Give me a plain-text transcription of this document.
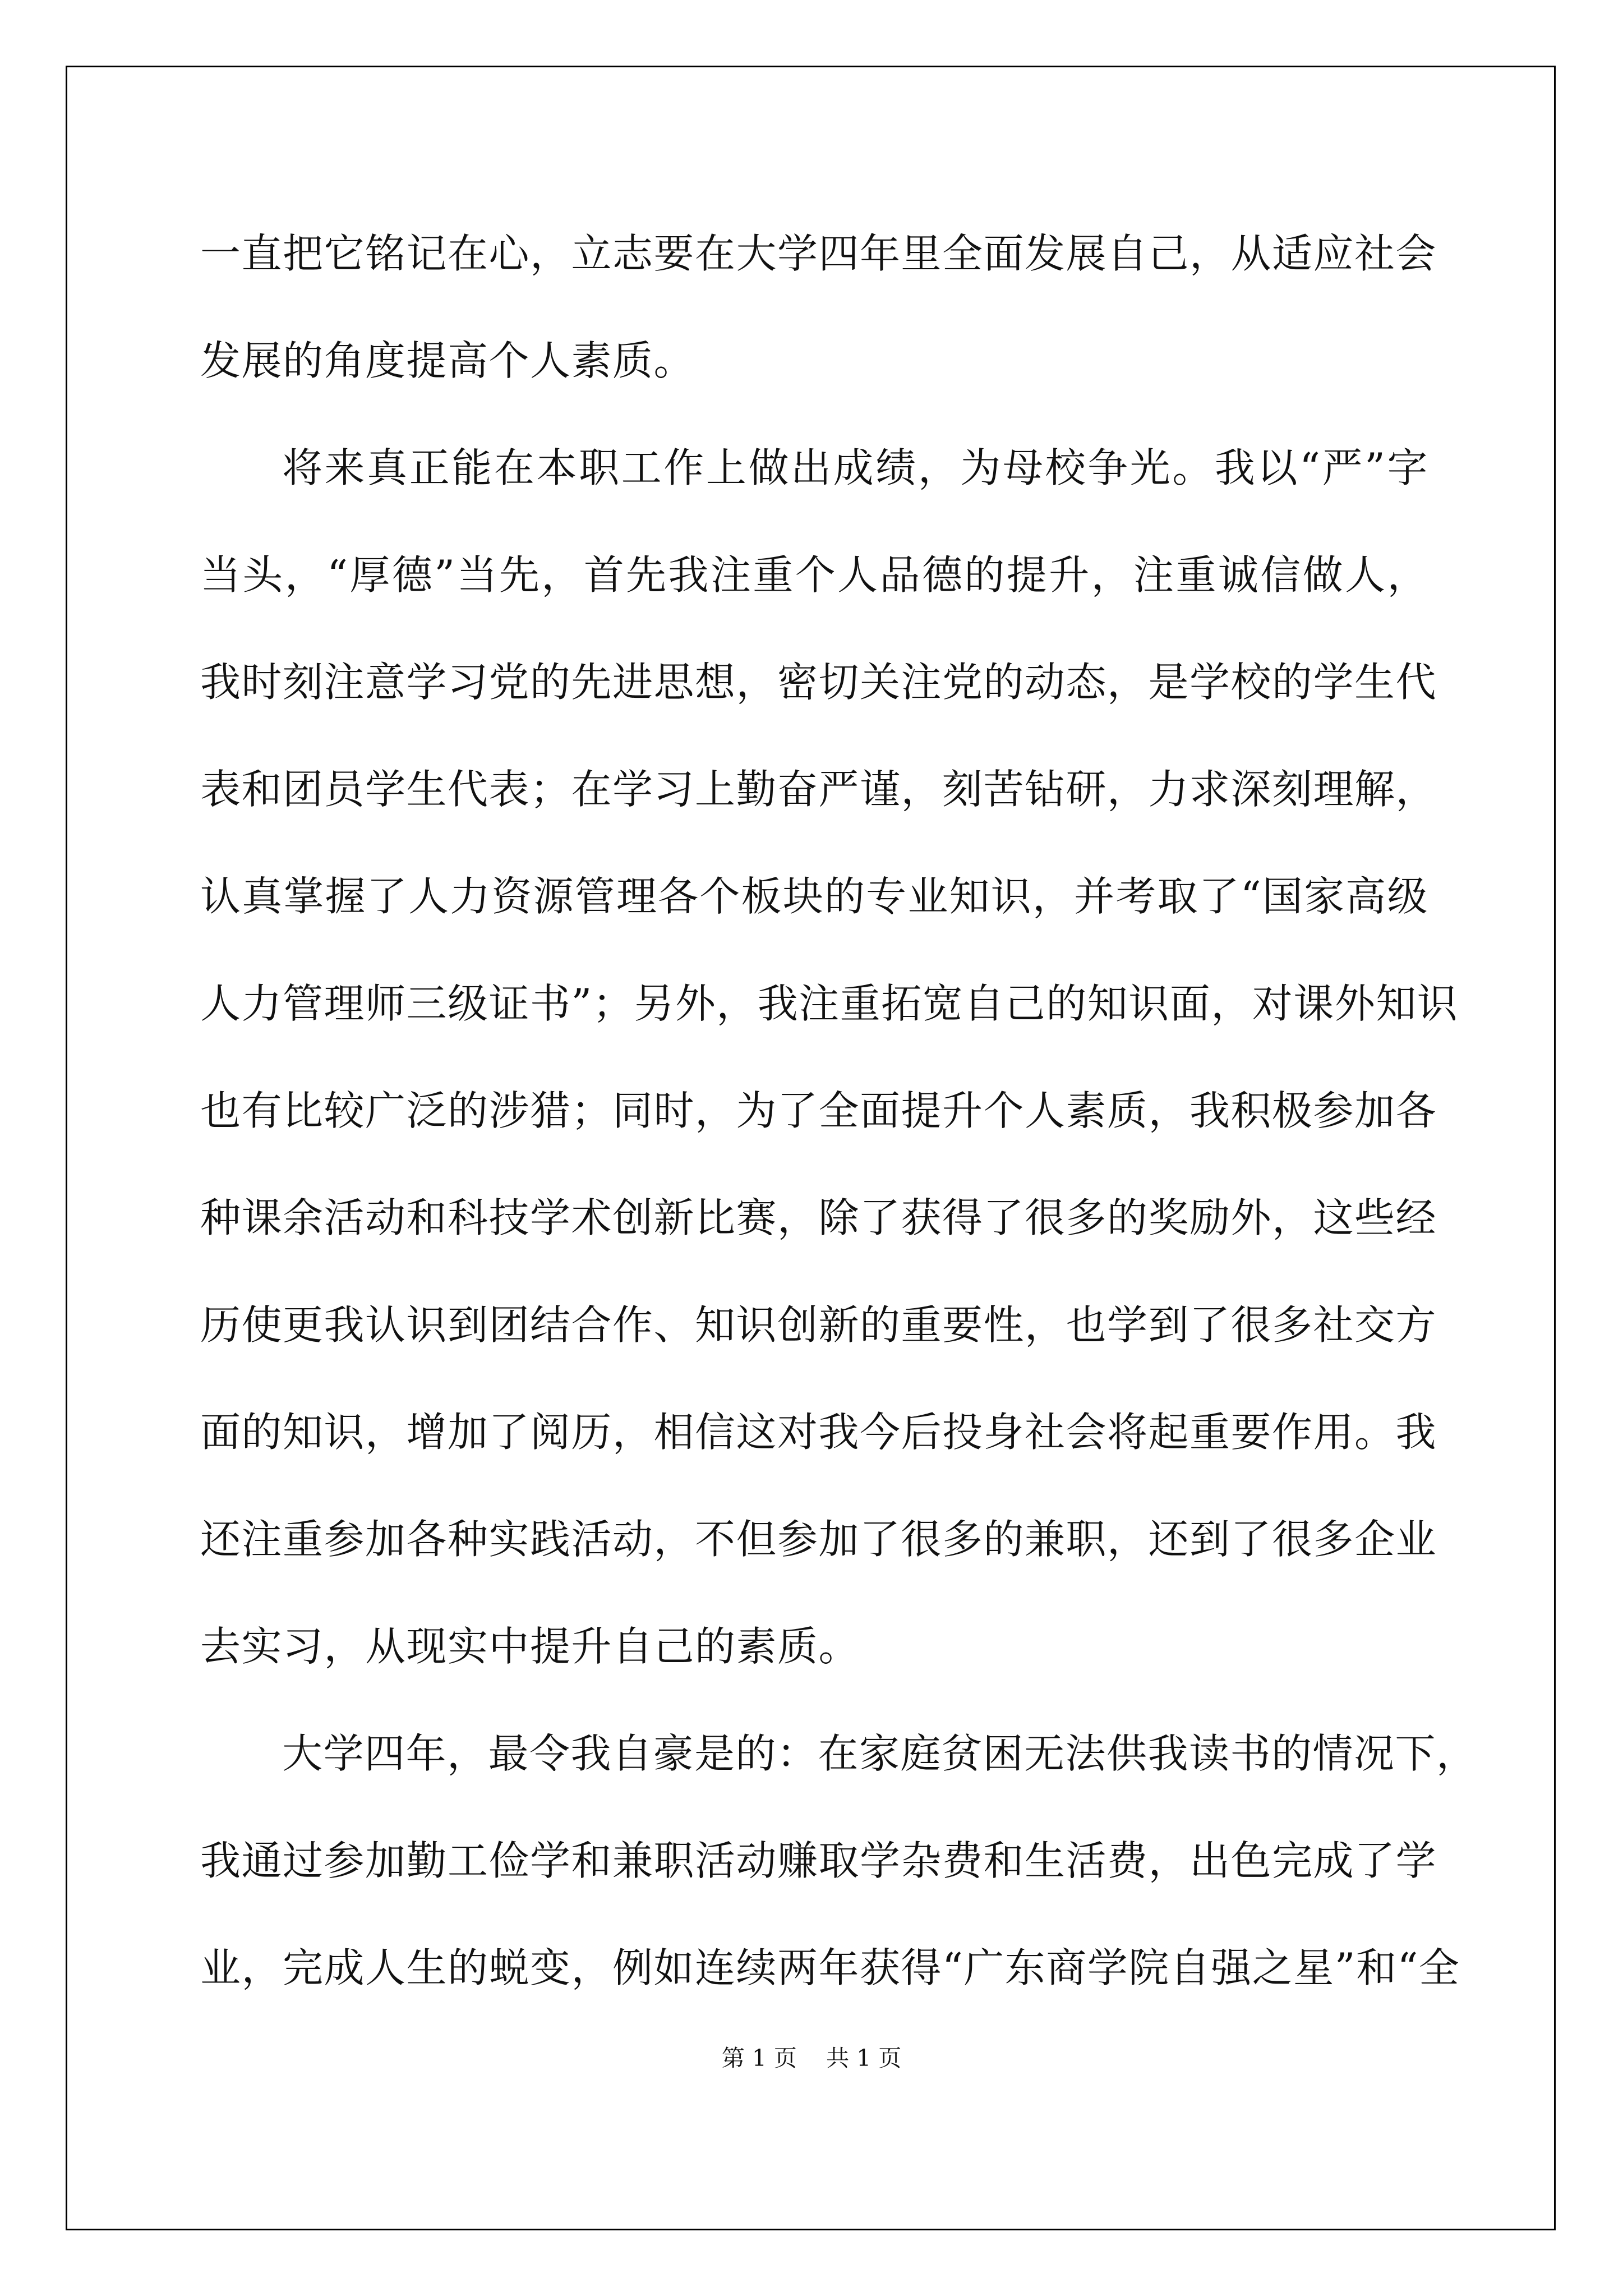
一直把它铭记在心，立志要在大学四年里全面发展自己，从适应社会
发展的角度提高个人素质。
将来真正能在本职工作上做出成绩，为母校争光。我以“严”字
当头，“厚德”当先，首先我注重个人品德的提升，注重诚信做人，
我时刻注意学习党的先进思想，密切关注党的动态，是学校的学生代
表和团员学生代表；在学习上勤奋严谨，刻苦钻研，力求深刻理解，
认真掌握了人力资源管理各个板块的专业知识，并考取了“国家高级
人力管理师三级证书”；另外，我注重拓宽自己的知识面，对课外知识
也有比较广泛的涉猎；同时，为了全面提升个人素质，我积极参加各
种课余活动和科技学术创新比赛，除了获得了很多的奖励外，这些经
历使更我认识到团结合作、知识创新的重要性，也学到了很多社交方
面的知识，增加了阅历，相信这对我今后投身社会将起重要作用。我
还注重参加各种实践活动，不但参加了很多的兼职，还到了很多企业
去实习，从现实中提升自己的素质。
大学四年，最令我自豪是的：在家庭贫困无法供我读书的情况下，
我通过参加勤工俭学和兼职活动赚取学杂费和生活费，出色完成了学
业，完成人生的蜕变，例如连续两年获得“广东商学院自强之星”和“全
第 1 页    共 1 页
